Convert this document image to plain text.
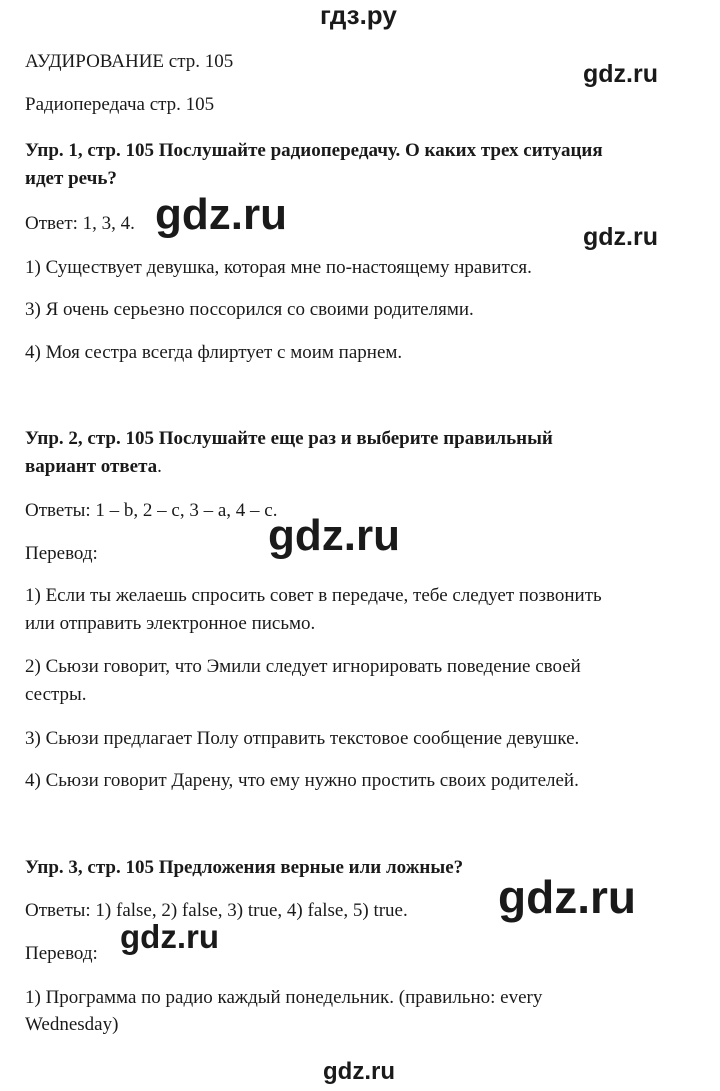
гдз.ру
АУДИРОВАНИЕ стр. 105	gdz.ru
Радиопередача стр. 105
Упр. 1, стр. 105 Послушайте радиопередачу. О каких трех ситуация
идет речь?
Ответ: 1, 3, 4. gdz.ru	gdz.ru
1) Существует девушка, которая мне по-настоящему нравится.
3) Я очень серьезно поссорился со своими родителями.
4) Моя сестра всегда флиртует с моим парнем.
Упр. 2, стр. 105 Послушайте еще раз и выберите правильный
вариант ответа.
Ответы: 1 – b, 2 – c, 3 – a, 4 – c.
gdz.ru
Перевод:
1) Если ты желаешь спросить совет в передаче, тебе следует позвонить
или отправить электронное письмо.
2) Сьюзи говорит, что Эмили следует игнорировать поведение своей
сестры.
3) Сьюзи предлагает Полу отправить текстовое сообщение девушке.
4) Сьюзи говорит Дарену, что ему нужно простить своих родителей.
Упр. 3, стр. 105 Предложения верные или ложные?
Ответы: 1) false, 2) false, 3) true, 4) false, 5) true. gdz.ru
Перевод: gdz.ru
1) Программа по радио каждый понедельник. (правильно: every
Wednesday)
gdz.ru
